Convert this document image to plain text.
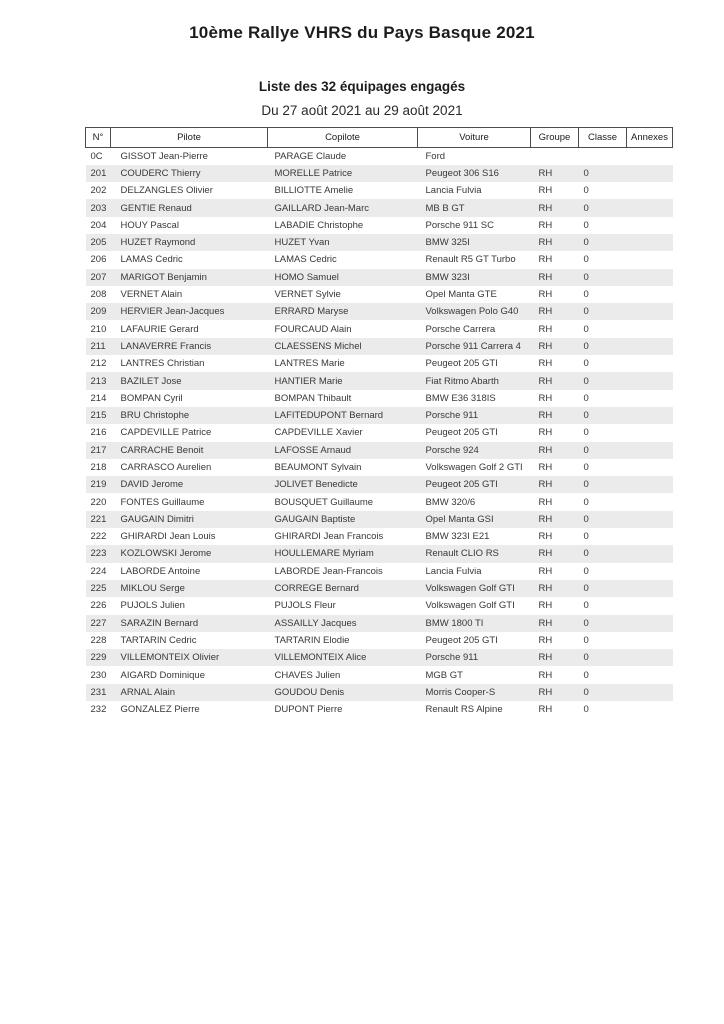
10ème Rallye VHRS du Pays Basque 2021
Liste des 32 équipages engagés
Du 27 août 2021 au 29 août 2021
N°	Pilote	Copilote	Voiture	Groupe	Classe	Annexes
0C	GISSOT Jean-Pierre	PARAGE Claude	Ford			
201	COUDERC Thierry	MORELLE Patrice	Peugeot 306 S16	RH	0	
202	DELZANGLES Olivier	BILLIOTTE Amelie	Lancia Fulvia	RH	0	
203	GENTIE Renaud	GAILLARD Jean-Marc	MB B GT	RH	0	
204	HOUY Pascal	LABADIE Christophe	Porsche 911 SC	RH	0	
205	HUZET Raymond	HUZET Yvan	BMW 325I	RH	0	
206	LAMAS Cedric	LAMAS Cedric	Renault R5 GT Turbo	RH	0	
207	MARIGOT Benjamin	HOMO Samuel	BMW 323I	RH	0	
208	VERNET Alain	VERNET Sylvie	Opel Manta GTE	RH	0	
209	HERVIER Jean-Jacques	ERRARD Maryse	Volkswagen Polo G40	RH	0	
210	LAFAURIE Gerard	FOURCAUD Alain	Porsche Carrera	RH	0	
211	LANAVERRE Francis	CLAESSENS Michel	Porsche 911 Carrera 4	RH	0	
212	LANTRES Christian	LANTRES Marie	Peugeot 205 GTI	RH	0	
213	BAZILET Jose	HANTIER Marie	Fiat Ritmo Abarth	RH	0	
214	BOMPAN Cyril	BOMPAN Thibault	BMW E36 318IS	RH	0	
215	BRU Christophe	LAFITEDUPONT Bernard	Porsche 911	RH	0	
216	CAPDEVILLE Patrice	CAPDEVILLE Xavier	Peugeot 205 GTI	RH	0	
217	CARRACHE Benoit	LAFOSSE Arnaud	Porsche 924	RH	0	
218	CARRASCO Aurelien	BEAUMONT Sylvain	Volkswagen Golf 2 GTI	RH	0	
219	DAVID Jerome	JOLIVET Benedicte	Peugeot 205 GTI	RH	0	
220	FONTES Guillaume	BOUSQUET Guillaume	BMW 320/6	RH	0	
221	GAUGAIN Dimitri	GAUGAIN Baptiste	Opel Manta GSI	RH	0	
222	GHIRARDI Jean Louis	GHIRARDI Jean Francois	BMW 323I E21	RH	0	
223	KOZLOWSKI Jerome	HOULLEMARE Myriam	Renault CLIO RS	RH	0	
224	LABORDE Antoine	LABORDE Jean-Francois	Lancia Fulvia	RH	0	
225	MIKLOU Serge	CORREGE Bernard	Volkswagen Golf GTI	RH	0	
226	PUJOLS Julien	PUJOLS Fleur	Volkswagen Golf GTI	RH	0	
227	SARAZIN Bernard	ASSAILLY Jacques	BMW 1800 TI	RH	0	
228	TARTARIN Cedric	TARTARIN Elodie	Peugeot 205 GTI	RH	0	
229	VILLEMONTEIX Olivier	VILLEMONTEIX Alice	Porsche 911	RH	0	
230	AIGARD Dominique	CHAVES Julien	MGB GT	RH	0	
231	ARNAL Alain	GOUDOU Denis	Morris Cooper-S	RH	0	
232	GONZALEZ Pierre	DUPONT Pierre	Renault RS Alpine	RH	0	
